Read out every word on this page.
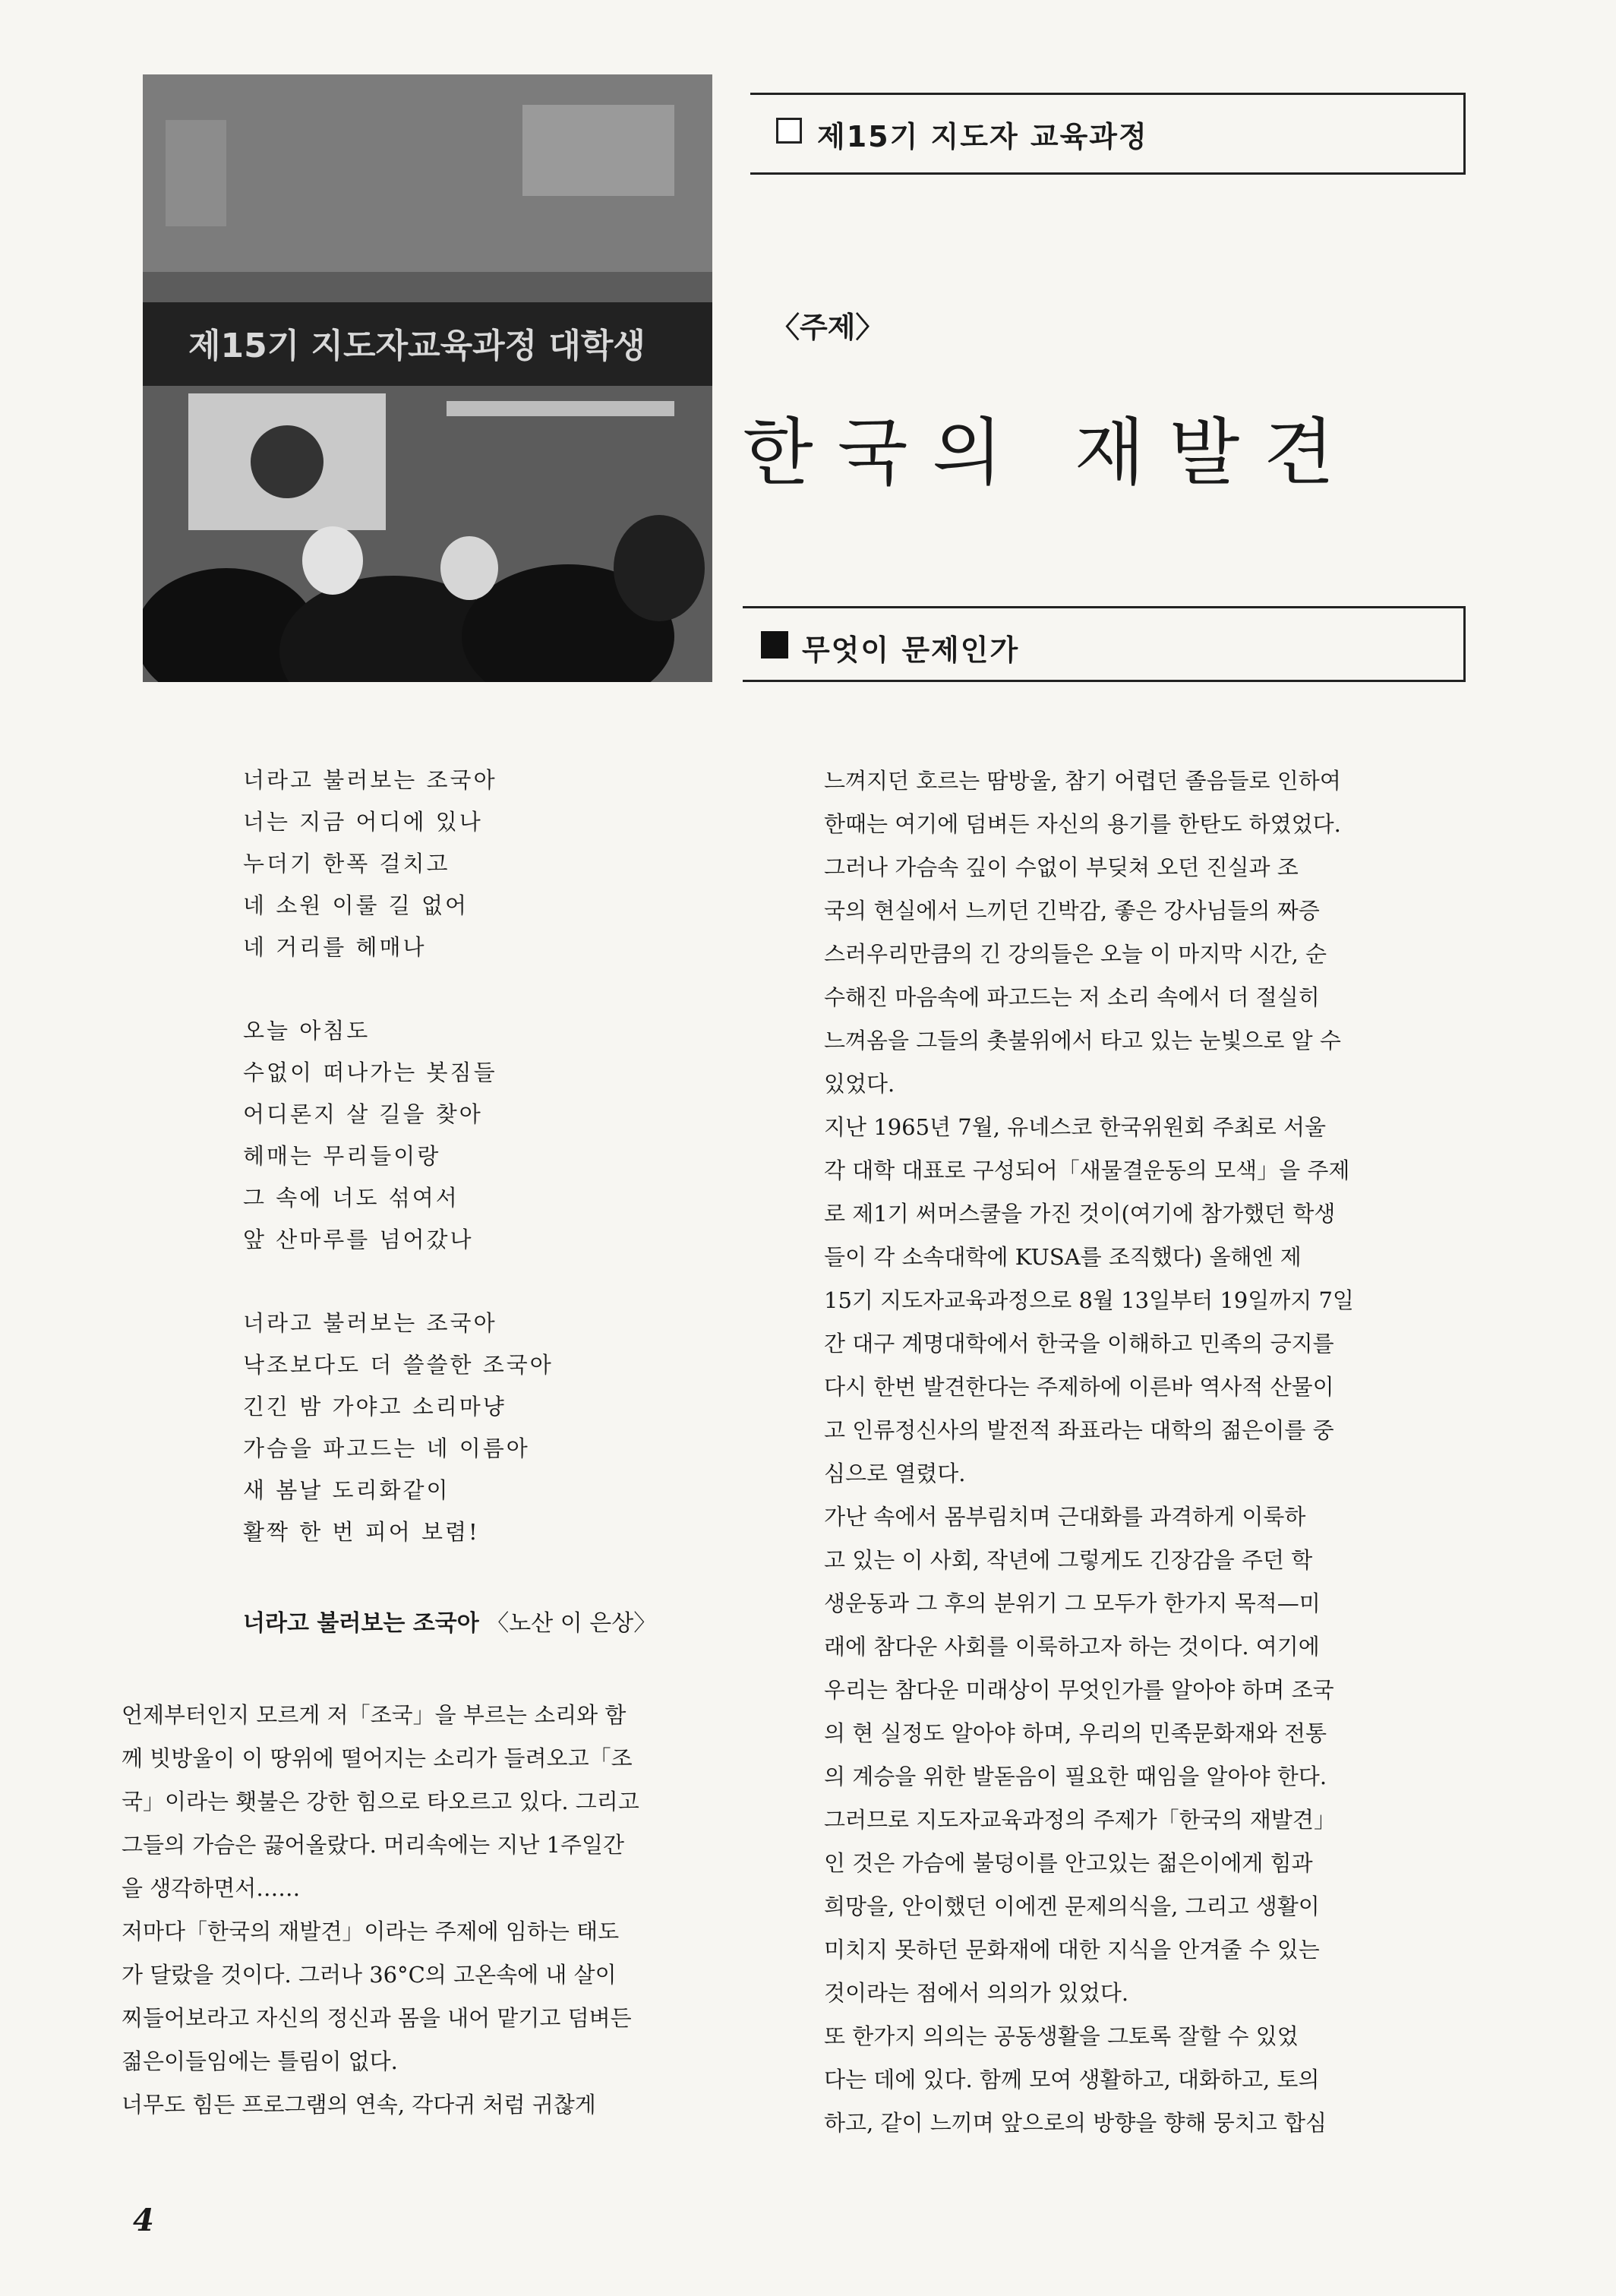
제15기 지도자교육과정 대학생
제15기 지도자 교육과정
〈주제〉
한국의 재발견
무엇이 문제인가
너라고 불러보는 조국아
너는 지금 어디에 있나
누더기 한폭 걸치고
네 소원 이룰 길 없어
네 거리를 헤매나
오늘 아침도
수없이 떠나가는 봇짐들
어디론지 살 길을 찾아
헤매는 무리들이랑
그 속에 너도 섞여서
앞 산마루를 넘어갔나
너라고 불러보는 조국아
낙조보다도 더 쓸쓸한 조국아
긴긴 밤 가야고 소리마냥
가슴을 파고드는 네 이름아
새 봄날 도리화같이
활짝 한 번 피어 보렴!
너라고 불러보는 조국아 〈노산 이 은상〉
언제부터인지 모르게 저「조국」을 부르는 소리와 함
께 빗방울이 이 땅위에 떨어지는 소리가 들려오고「조
국」이라는 횃불은 강한 힘으로 타오르고 있다. 그리고
그들의 가슴은 끓어올랐다. 머리속에는 지난 1주일간
을 생각하면서……
저마다「한국의 재발견」이라는 주제에 임하는 태도
가 달랐을 것이다. 그러나 36°C의 고온속에 내 살이
찌들어보라고 자신의 정신과 몸을 내어 맡기고 덤벼든
젊은이들임에는 틀림이 없다.
너무도 힘든 프로그램의 연속, 각다귀 처럼 귀찮게
느껴지던 호르는 땀방울, 참기 어렵던 졸음들로 인하여
한때는 여기에 덤벼든 자신의 용기를 한탄도 하였었다.
그러나 가슴속 깊이 수없이 부딪쳐 오던 진실과 조
국의 현실에서 느끼던 긴박감, 좋은 강사님들의 짜증
스러우리만큼의 긴 강의들은 오늘 이 마지막 시간, 순
수해진 마음속에 파고드는 저 소리 속에서 더 절실히
느껴옴을 그들의 촛불위에서 타고 있는 눈빛으로 알 수
있었다.
지난 1965년 7월, 유네스코 한국위원회 주최로 서울
각 대학 대표로 구성되어「새물결운동의 모색」을 주제
로 제1기 써머스쿨을 가진 것이(여기에 참가했던 학생
들이 각 소속대학에 KUSA를 조직했다) 올해엔 제
15기 지도자교육과정으로 8월 13일부터 19일까지 7일
간 대구 계명대학에서 한국을 이해하고 민족의 긍지를
다시 한번 발견한다는 주제하에 이른바 역사적 산물이
고 인류정신사의 발전적 좌표라는 대학의 젊은이를 중
심으로 열렸다.
가난 속에서 몸부림치며 근대화를 과격하게 이룩하
고 있는 이 사회, 작년에 그렇게도 긴장감을 주던 학
생운동과 그 후의 분위기 그 모두가 한가지 목적—미
래에 참다운 사회를 이룩하고자 하는 것이다. 여기에
우리는 참다운 미래상이 무엇인가를 알아야 하며 조국
의 현 실정도 알아야 하며, 우리의 민족문화재와 전통
의 계승을 위한 발돋음이 필요한 때임을 알아야 한다.
그러므로 지도자교육과정의 주제가「한국의 재발견」
인 것은 가슴에 불덩이를 안고있는 젊은이에게 힘과
희망을, 안이했던 이에겐 문제의식을, 그리고 생활이
미치지 못하던 문화재에 대한 지식을 안겨줄 수 있는
것이라는 점에서 의의가 있었다.
또 한가지 의의는 공동생활을 그토록 잘할 수 있었
다는 데에 있다. 함께 모여 생활하고, 대화하고, 토의
하고, 같이 느끼며 앞으로의 방향을 향해 뭉치고 합심
4
